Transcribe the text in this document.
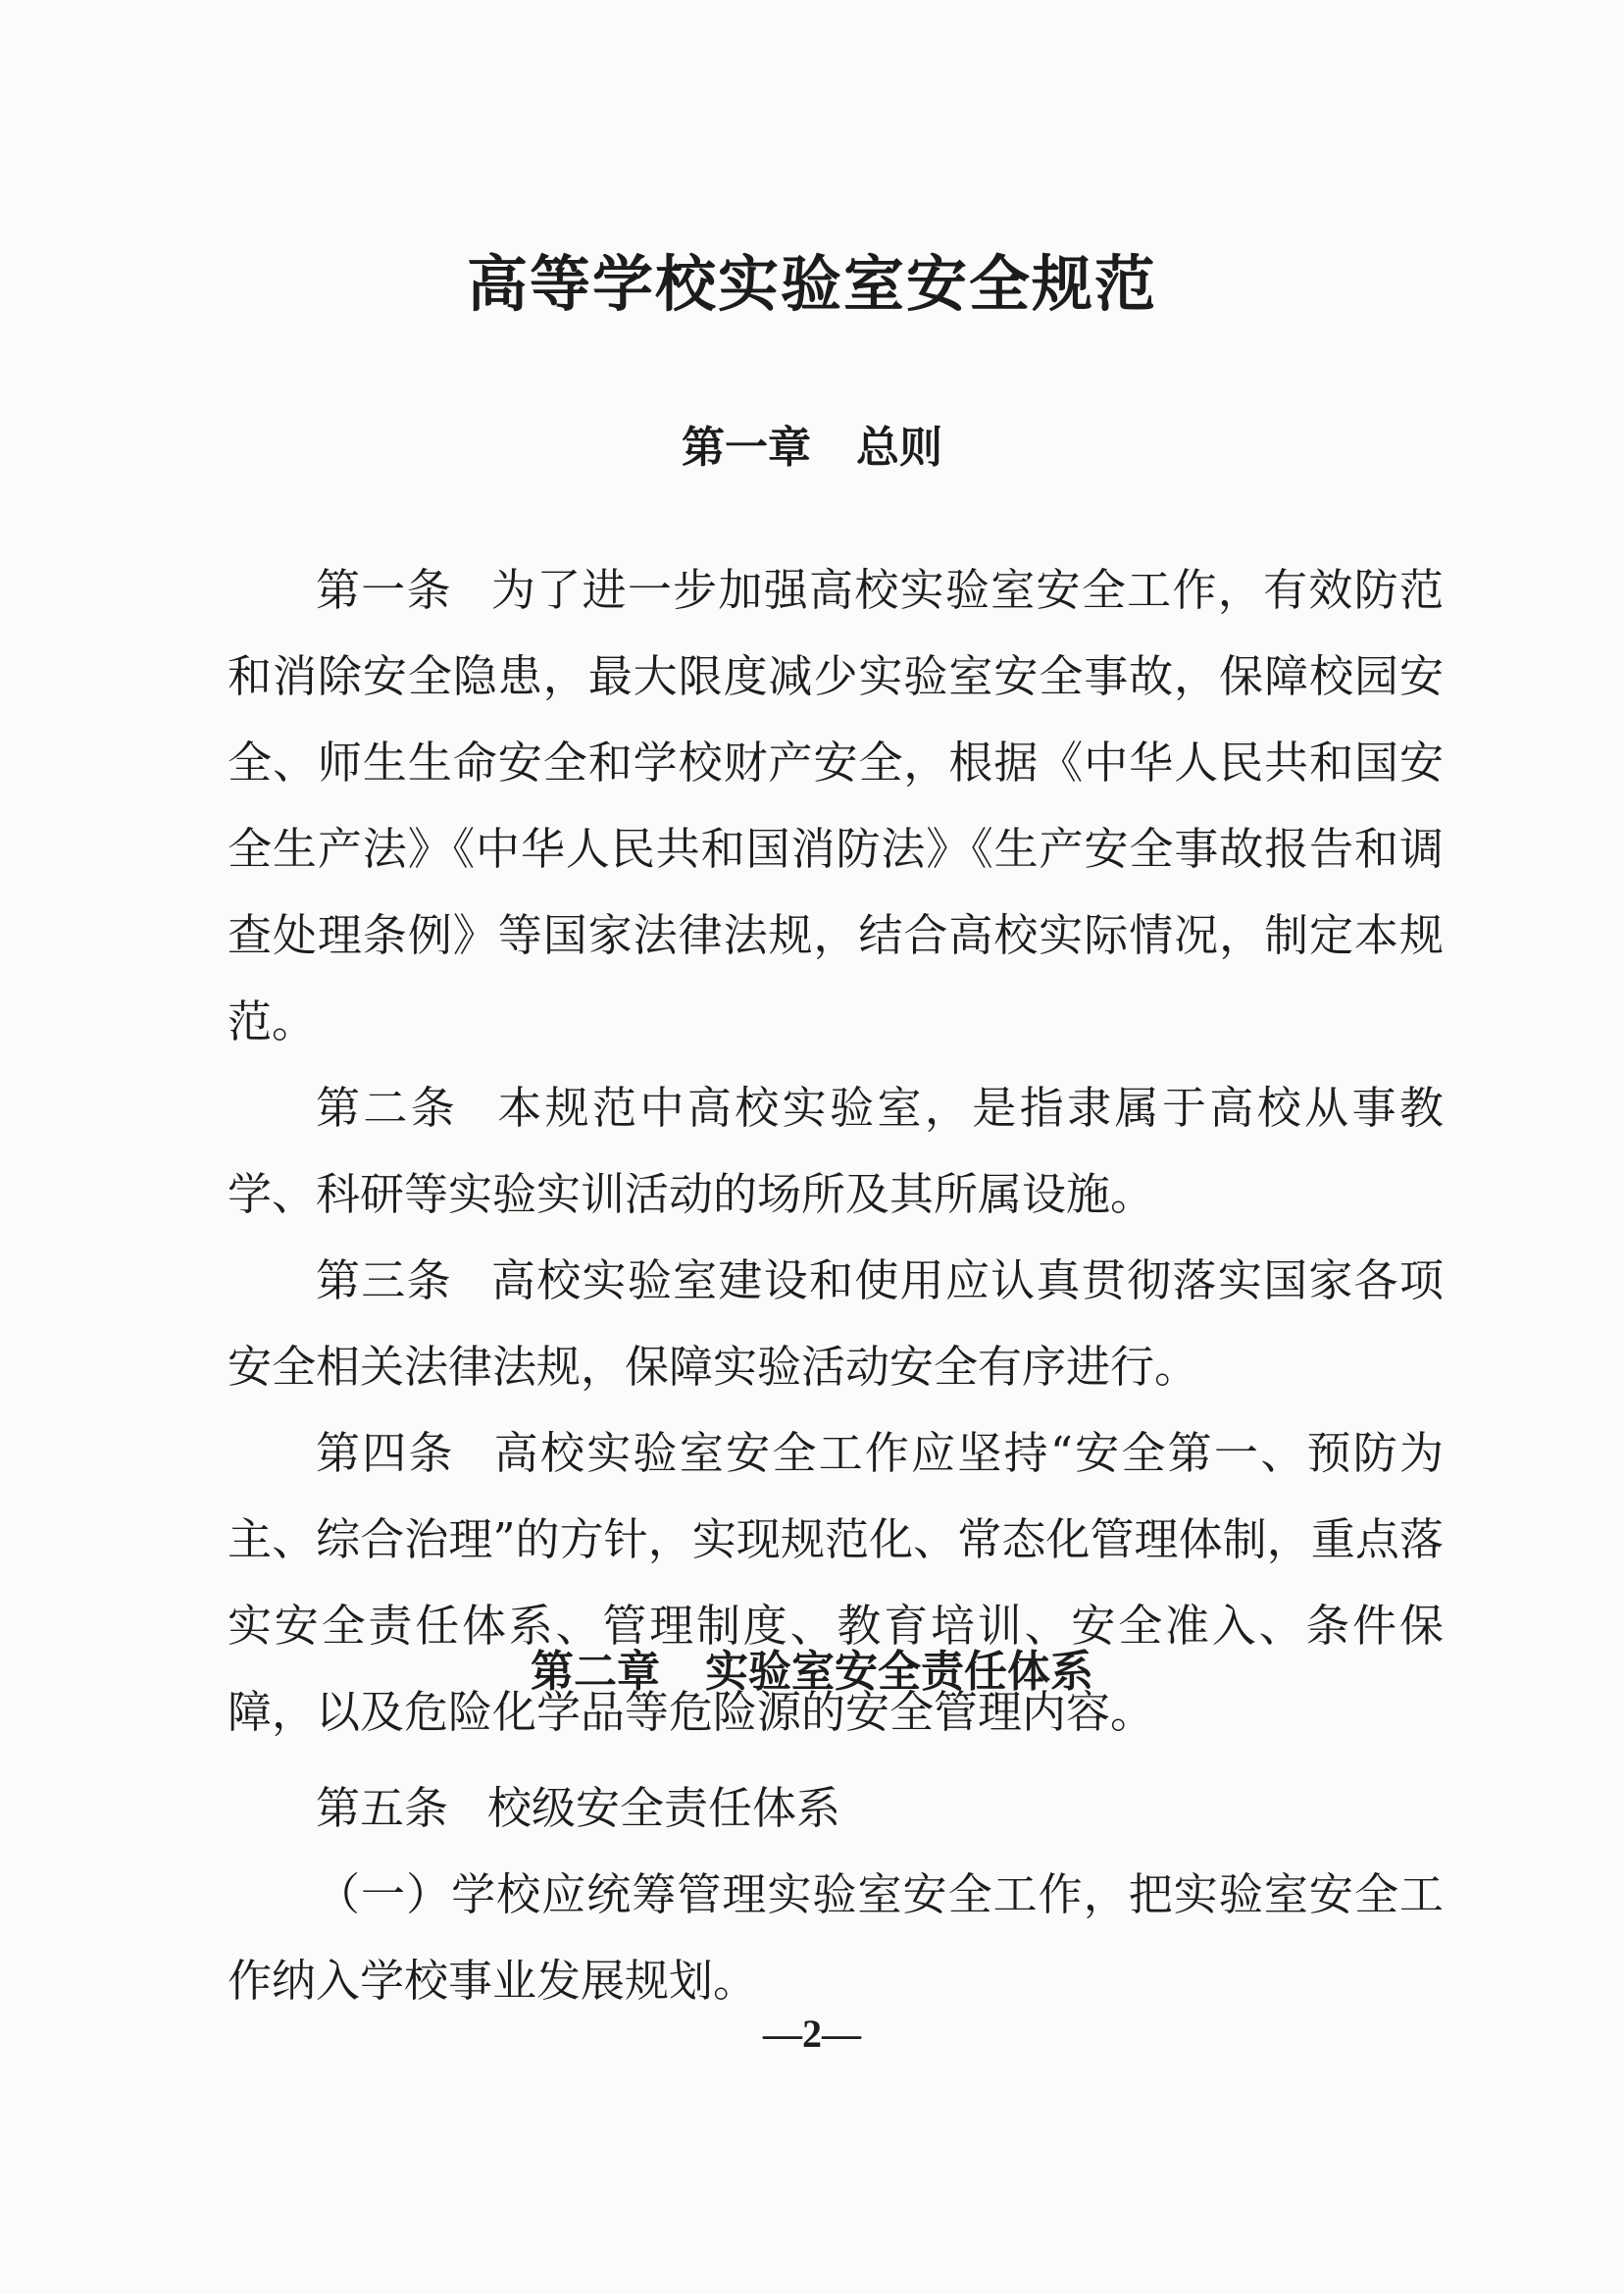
高等学校实验室安全规范
第一章 总则

第一条 为了进一步加强高校实验室安全工作，有效防范和消除安全隐患，最大限度减少实验室安全事故，保障校园安全、师生生命安全和学校财产安全，根据《中华人民共和国安全生产法》《中华人民共和国消防法》《生产安全事故报告和调查处理条例》等国家法律法规，结合高校实际情况，制定本规范。

第二条 本规范中高校实验室，是指隶属于高校从事教学、科研等实验实训活动的场所及其所属设施。

第三条 高校实验室建设和使用应认真贯彻落实国家各项安全相关法律法规，保障实验活动安全有序进行。

第四条 高校实验室安全工作应坚持“安全第一、预防为主、综合治理”的方针，实现规范化、常态化管理体制，重点落实安全责任体系、管理制度、教育培训、安全准入、条件保障，以及危险化学品等危险源的安全管理内容。

第二章 实验室安全责任体系

第五条 校级安全责任体系

（一）学校应统筹管理实验室安全工作，把实验室安全工作纳入学校事业发展规划。

—2—
